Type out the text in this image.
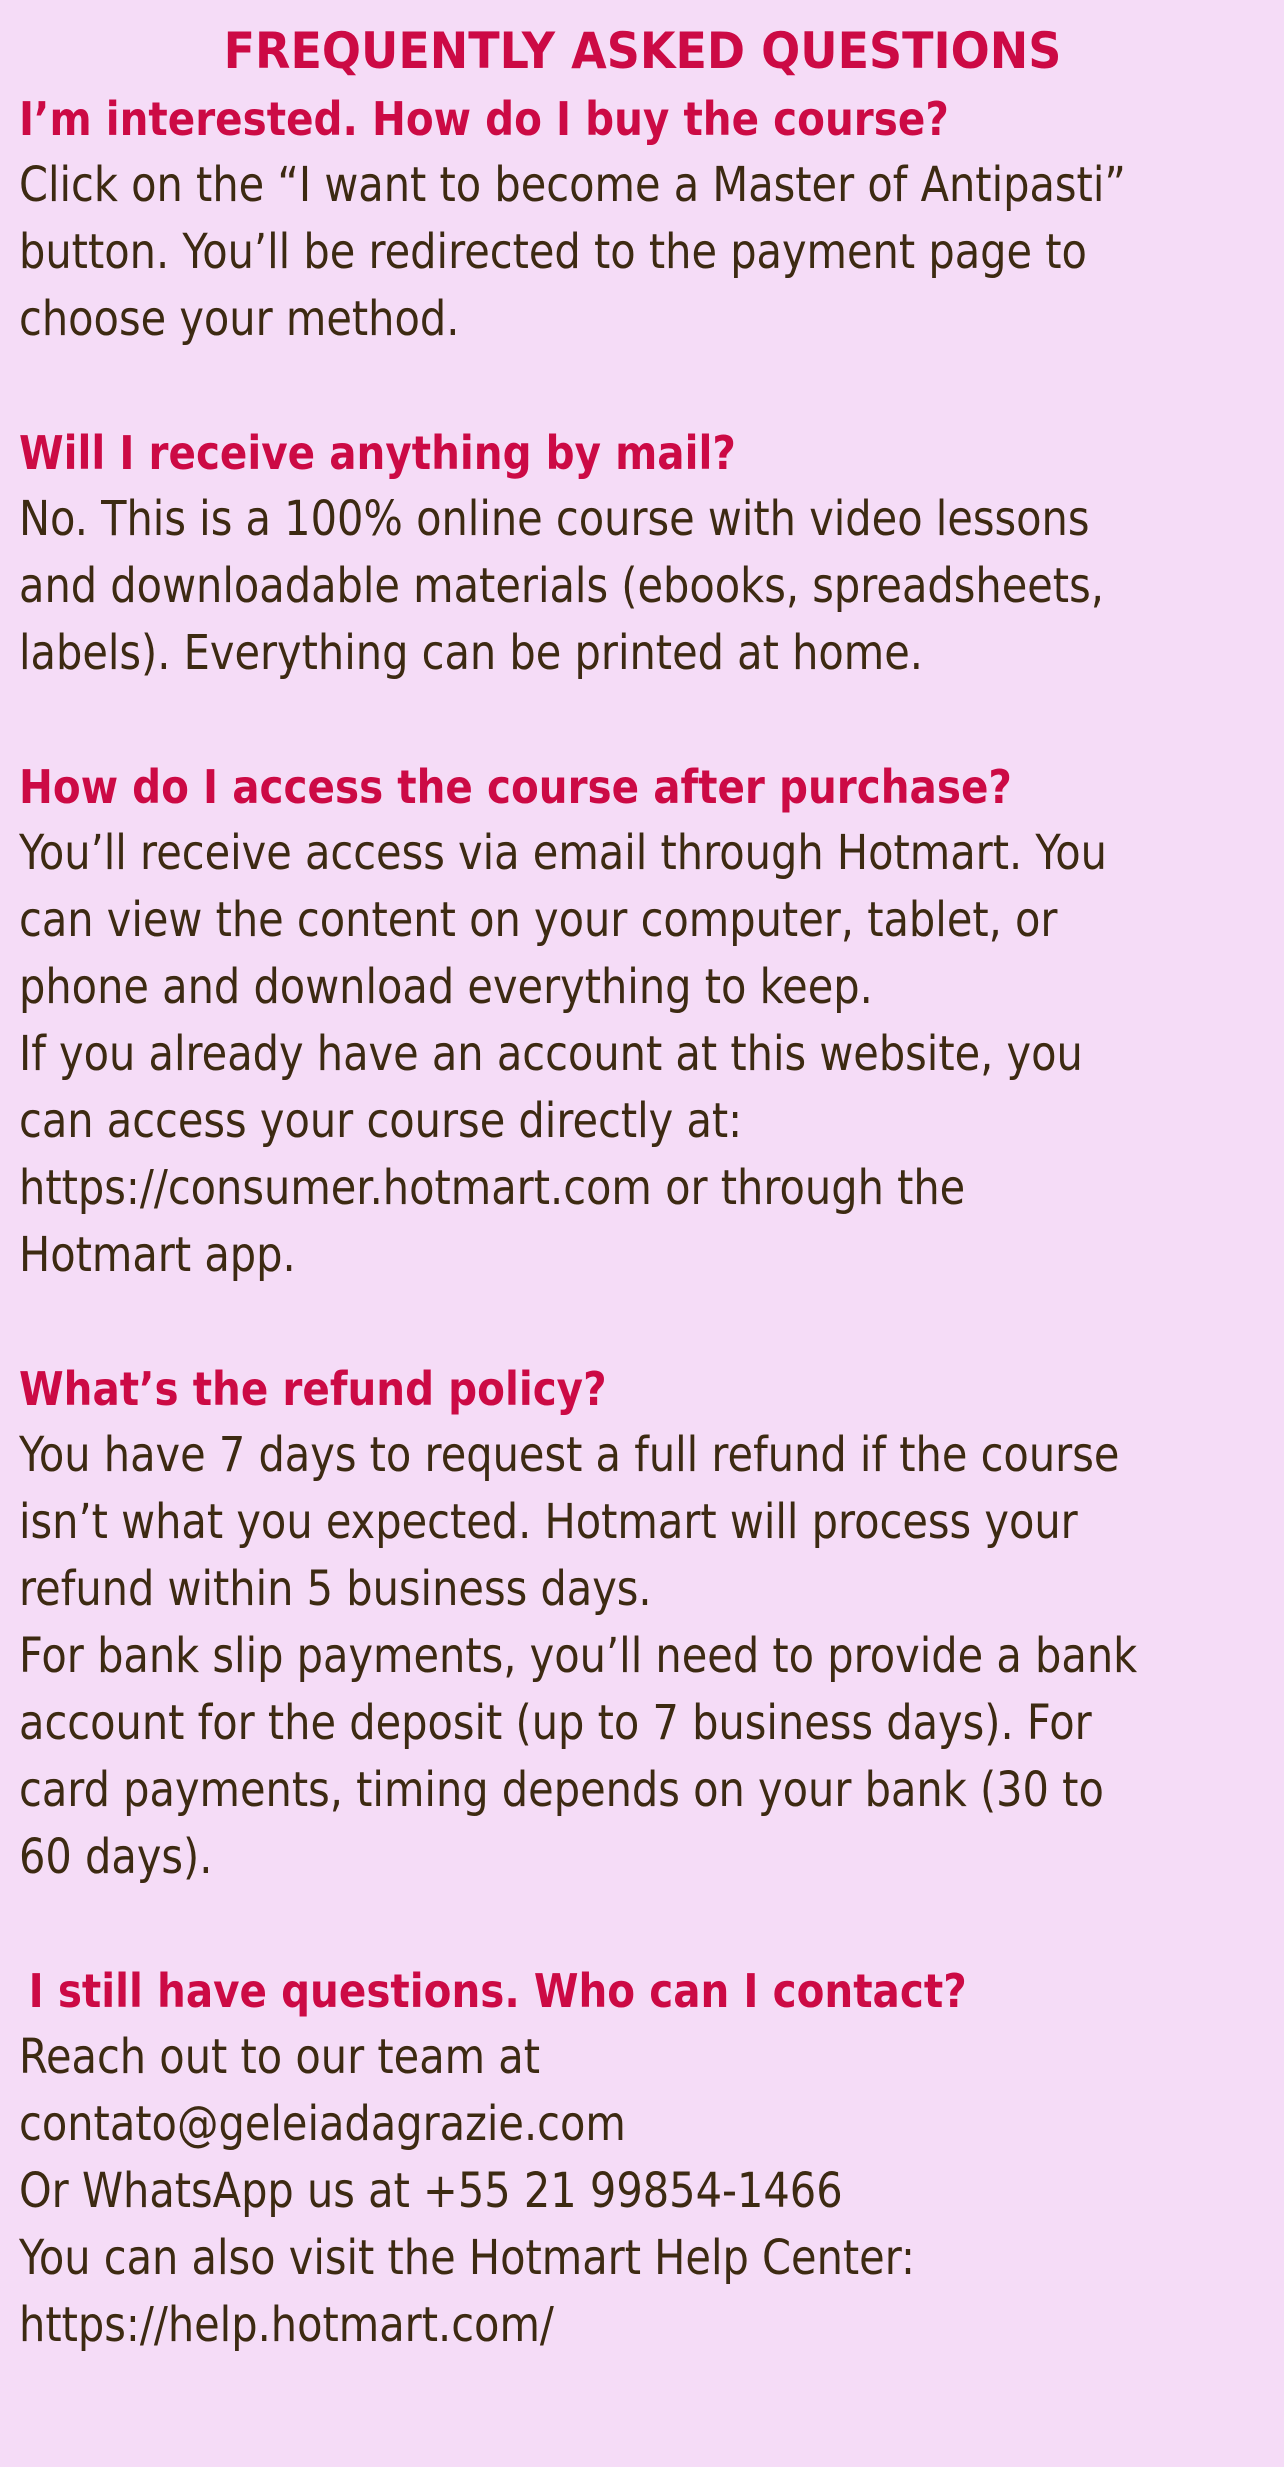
FREQUENTLY ASKED QUESTIONS
I’m interested. How do I buy the course?
Click on the “I want to become a Master of Antipasti”
button. You’ll be redirected to the payment page to
choose your method.
Will I receive anything by mail?
No. This is a 100% online course with video lessons
and downloadable materials (ebooks, spreadsheets,
labels). Everything can be printed at home.
How do I access the course after purchase?
You’ll receive access via email through Hotmart. You
can view the content on your computer, tablet, or
phone and download everything to keep.
If you already have an account at this website, you
can access your course directly at:
https://consumer.hotmart.com or through the
Hotmart app.
What’s the refund policy?
You have 7 days to request a full refund if the course
isn’t what you expected. Hotmart will process your
refund within 5 business days.
For bank slip payments, you’ll need to provide a bank
account for the deposit (up to 7 business days). For
card payments, timing depends on your bank (30 to
60 days).
I still have questions. Who can I contact?
Reach out to our team at
contato@geleiadagrazie.com
Or WhatsApp us at +55 21 99854-1466
You can also visit the Hotmart Help Center:
https://help.hotmart.com/
